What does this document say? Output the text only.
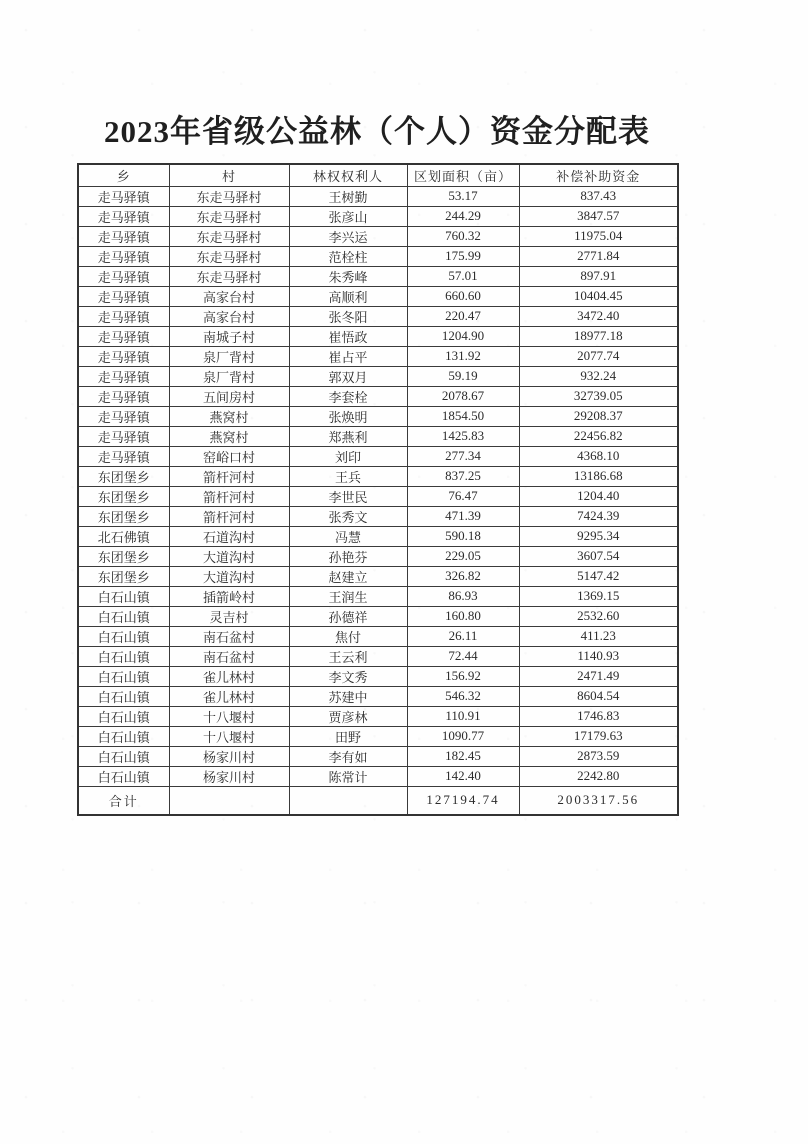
2023年省级公益林（个人）资金分配表
乡	村	林权权利人	区划面积（亩）	补偿补助资金
走马驿镇	东走马驿村	王树勤	53.17	837.43
走马驿镇	东走马驿村	张彦山	244.29	3847.57
走马驿镇	东走马驿村	李兴运	760.32	11975.04
走马驿镇	东走马驿村	范栓柱	175.99	2771.84
走马驿镇	东走马驿村	朱秀峰	57.01	897.91
走马驿镇	高家台村	高顺利	660.60	10404.45
走马驿镇	高家台村	张冬阳	220.47	3472.40
走马驿镇	南城子村	崔悟政	1204.90	18977.18
走马驿镇	泉厂背村	崔占平	131.92	2077.74
走马驿镇	泉厂背村	郭双月	59.19	932.24
走马驿镇	五间房村	李套栓	2078.67	32739.05
走马驿镇	燕窝村	张焕明	1854.50	29208.37
走马驿镇	燕窝村	郑燕利	1425.83	22456.82
走马驿镇	窑峪口村	刘印	277.34	4368.10
东团堡乡	箭杆河村	王兵	837.25	13186.68
东团堡乡	箭杆河村	李世民	76.47	1204.40
东团堡乡	箭杆河村	张秀文	471.39	7424.39
北石佛镇	石道沟村	冯慧	590.18	9295.34
东团堡乡	大道沟村	孙艳芬	229.05	3607.54
东团堡乡	大道沟村	赵建立	326.82	5147.42
白石山镇	插箭岭村	王润生	86.93	1369.15
白石山镇	灵吉村	孙德祥	160.80	2532.60
白石山镇	南石盆村	焦付	26.11	411.23
白石山镇	南石盆村	王云利	72.44	1140.93
白石山镇	雀儿林村	李文秀	156.92	2471.49
白石山镇	雀儿林村	苏建中	546.32	8604.54
白石山镇	十八堰村	贾彦林	110.91	1746.83
白石山镇	十八堰村	田野	1090.77	17179.63
白石山镇	杨家川村	李有如	182.45	2873.59
白石山镇	杨家川村	陈常计	142.40	2242.80
合计			127194.74	2003317.56
